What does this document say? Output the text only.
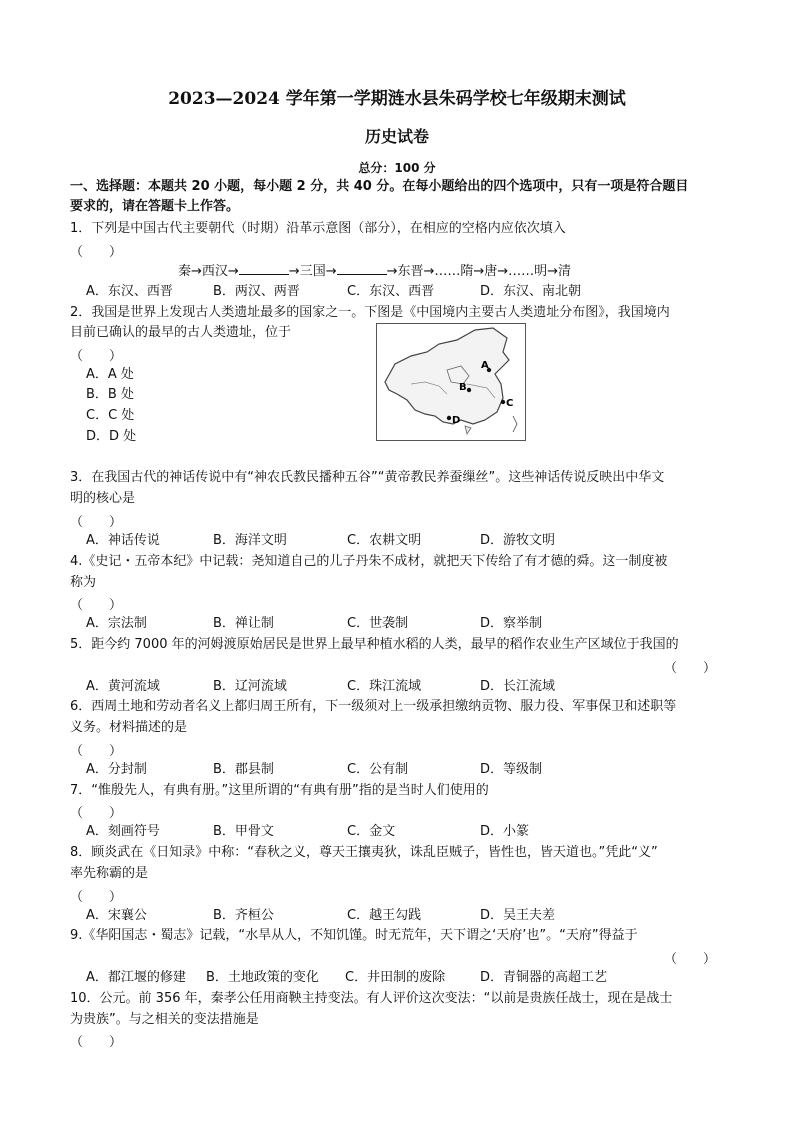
2023—2024 学年第一学期涟水县朱码学校七年级期末测试
历史试卷
总分：100 分
一、选择题：本题共 20 小题，每小题 2 分，共 40 分。在每小题给出的四个选项中，只有一项是符合题目
要求的，请在答题卡上作答。
1．下列是中国古代主要朝代（时期）沿革示意图（部分），在相应的空格内应依次填入
（　　）
秦→西汉→	→三国→	→东晋→……隋→唐→……明→清
A．东汉、西晋	B．两汉、两晋	C．东汉、西晋	D．东汉、南北朝
2．我国是世界上发现古人类遗址最多的国家之一。下图是《中国境内主要古人类遗址分布图》，我国境内
目前已确认的最早的古人类遗址，位于
（　　）
A．A 处
B．B 处
C．C 处
D．D 处
A
B
C
D
3．在我国古代的神话传说中有“神农氏教民播种五谷”“黄帝教民养蚕缫丝”。这些神话传说反映出中华文
明的核心是
（　　）
A．神话传说	B．海洋文明	C．农耕文明	D．游牧文明
4.《史记・五帝本纪》中记载：尧知道自己的儿子丹朱不成材，就把天下传给了有才德的舜。这一制度被
称为
（　　）
A．宗法制	B．禅让制	C．世袭制	D．察举制
5．距今约 7000 年的河姆渡原始居民是世界上最早种植水稻的人类，最早的稻作农业生产区域位于我国的
（　　）
A．黄河流域	B．辽河流域	C．珠江流域	D．长江流域
6．西周土地和劳动者名义上都归周王所有，下一级须对上一级承担缴纳贡物、服力役、军事保卫和述职等
义务。材料描述的是
（　　）
A．分封制	B．郡县制	C．公有制	D．等级制
7．“惟殷先人，有典有册。”这里所谓的“有典有册”指的是当时人们使用的
（　　）
A．刻画符号	B．甲骨文	C．金文	D．小篆
8．顾炎武在《日知录》中称：“春秋之义，尊天王攘夷狄，诛乱臣贼子，皆性也，皆天道也。”凭此“义”
率先称霸的是
（　　）
A．宋襄公	B．齐桓公	C．越王勾践	D．吴王夫差
9.《华阳国志・蜀志》记载，“水旱从人，不知饥馑。时无荒年，天下谓之‘天府’也”。“天府”得益于
（　　）
A．都江堰的修建 B．土地政策的变化 C．井田制的废除	D．青铜器的高超工艺
10．公元。前 356 年，秦孝公任用商鞅主持变法。有人评价这次变法：“以前是贵族任战士，现在是战士
为贵族”。与之相关的变法措施是
（　　）
